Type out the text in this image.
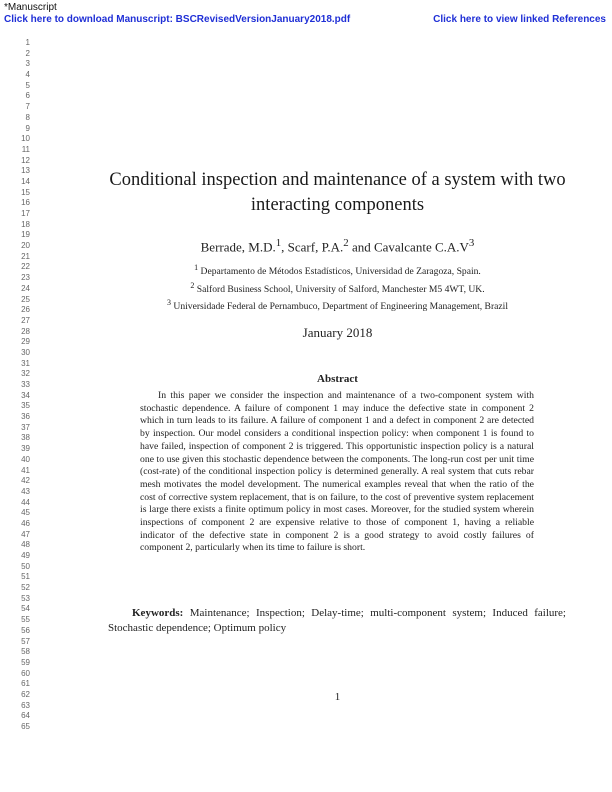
*Manuscript
Click here to download Manuscript: BSCRevisedVersionJanuary2018.pdf	Click here to view linked References
1
2
3
4
5
6
7
8
9
10
11
12
13
14
15
16
17
18
19
20
21
22
23
24
25
26
27
28
29
30
31
32
33
34
35
36
37
38
39
40
41
42
43
44
45
46
47
48
49
50
51
52
53
54
55
56
57
58
59
60
61
62
63
64
65
Conditional inspection and maintenance of a system with two interacting components
Berrade, M.D.$^1$, Scarf, P.A.$^2$ and Cavalcante $C.A.V^3$
$^1$ Departamento de Métodos Estadísticos, Universidad de Zaragoza, Spain.
$^2$ Salford Business School, University of Salford, Manchester M5 4WT, UK.
$^3$ Universidade Federal de Pernambuco, Department of Engineering Management, Brazil
January 2018
Abstract

In this paper we consider the inspection and maintenance of a two-component system with stochastic dependence. A failure of component 1 may induce the defective state in component 2 which in turn leads to its failure. A failure of component 1 and a defect in component 2 are detected by inspection. Our model considers a conditional inspection policy: when component 1 is found to have failed, inspection of component 2 is triggered. This opportunistic inspection policy is a natural one to use given this stochastic dependence between the components. The long-run cost per unit time (cost-rate) of the conditional inspection policy is determined generally. A real system that cuts rebar mesh motivates the model development. The numerical examples reveal that when the ratio of the cost of corrective system replacement, that is on failure, to the cost of preventive system replacement is large there exists a finite optimum policy in most cases. Moreover, for the studied system wherein inspections of component 2 are expensive relative to those of component 1, having a reliable indicator of the defective state in component 2 is a good strategy to avoid costly failures of component 2, particularly when its time to failure is short.

Keywords: Maintenance; Inspection; Delay-time; multi-component system; Induced failure; Stochastic dependence; Optimum policy
1
